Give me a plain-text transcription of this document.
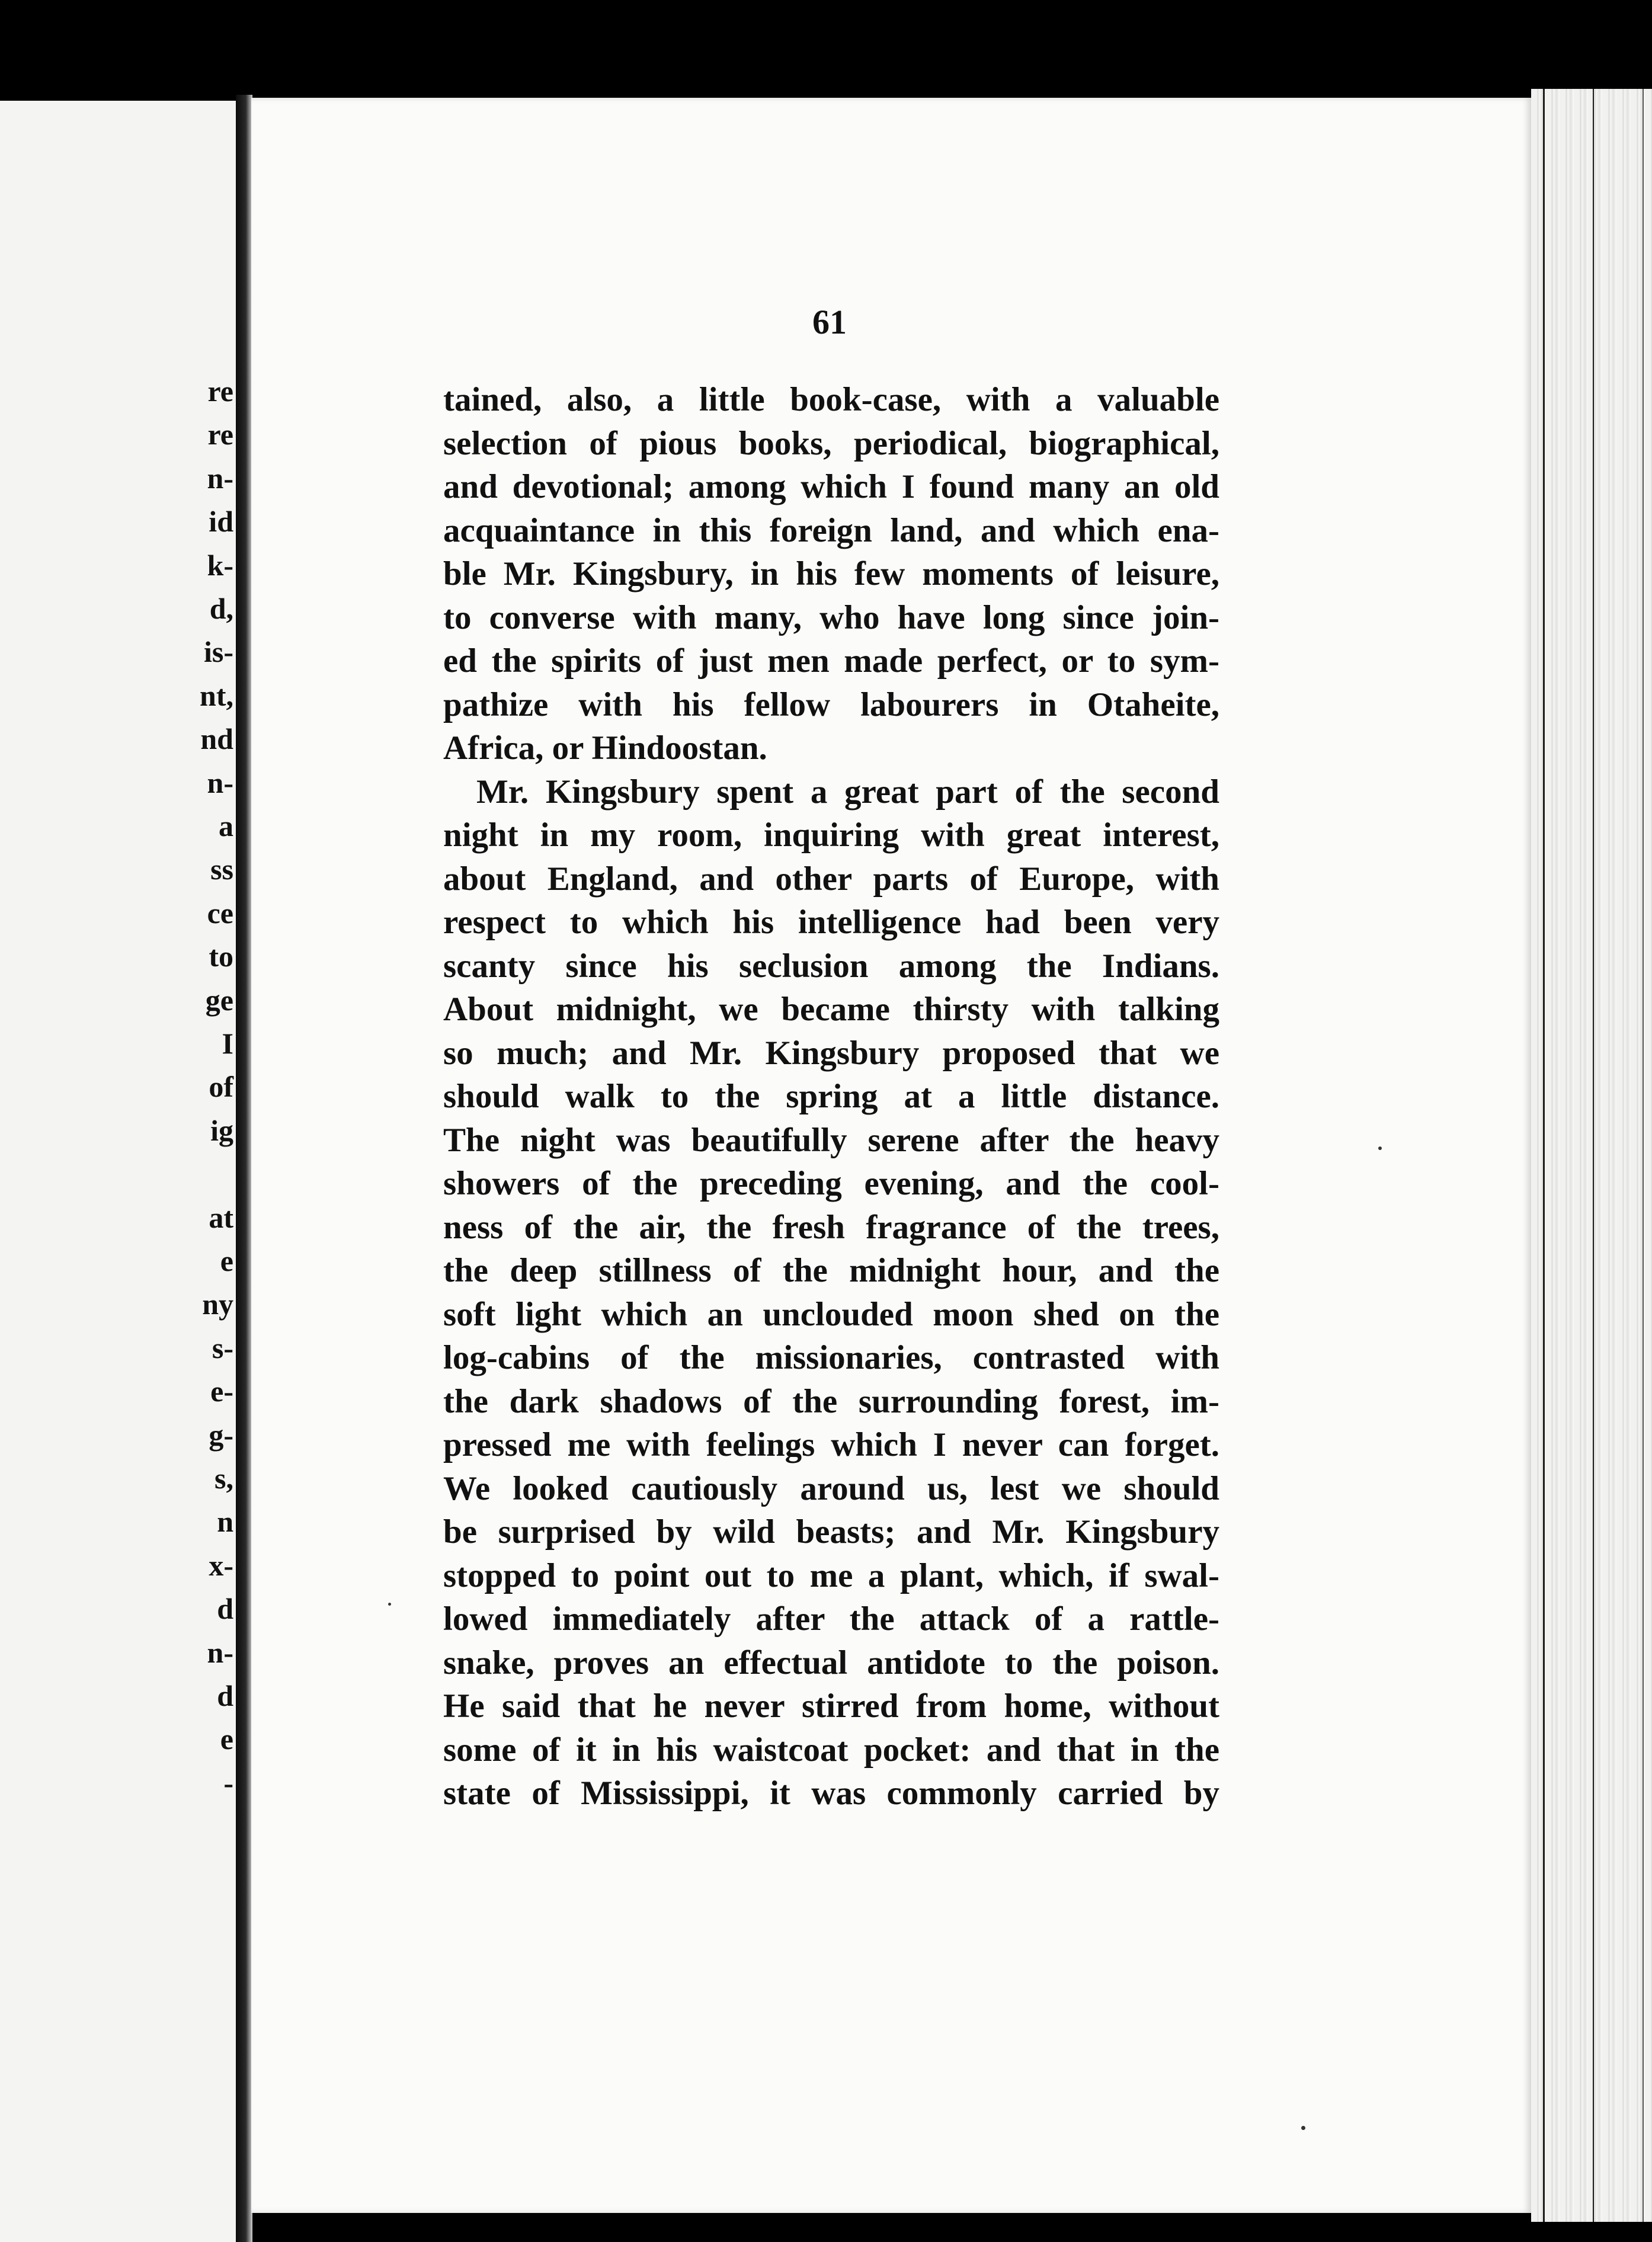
re
re
n-
id
k-
d,
is-
nt,
nd
n-
a
ss
ce
to
ge
I
of
ig
at
e
ny
s-
e-
g-
s,
n
x-
d
n-
d
e
-

61

tained, also, a little book-case, with a valuable
selection of pious books, periodical, biographical,
and devotional; among which I found many an old
acquaintance in this foreign land, and which ena-
ble Mr. Kingsbury, in his few moments of leisure,
to converse with many, who have long since join-
ed the spirits of just men made perfect, or to sym-
pathize with his fellow labourers in Otaheite,
Africa, or Hindoostan.
Mr. Kingsbury spent a great part of the second
night in my room, inquiring with great interest,
about England, and other parts of Europe, with
respect to which his intelligence had been very
scanty since his seclusion among the Indians.
About midnight, we became thirsty with talking
so much; and Mr. Kingsbury proposed that we
should walk to the spring at a little distance.
The night was beautifully serene after the heavy
showers of the preceding evening, and the cool-
ness of the air, the fresh fragrance of the trees,
the deep stillness of the midnight hour, and the
soft light which an unclouded moon shed on the
log-cabins of the missionaries, contrasted with
the dark shadows of the surrounding forest, im-
pressed me with feelings which I never can forget.
We looked cautiously around us, lest we should
be surprised by wild beasts; and Mr. Kingsbury
stopped to point out to me a plant, which, if swal-
lowed immediately after the attack of a rattle-
snake, proves an effectual antidote to the poison.
He said that he never stirred from home, without
some of it in his waistcoat pocket: and that in the
state of Mississippi, it was commonly carried by
